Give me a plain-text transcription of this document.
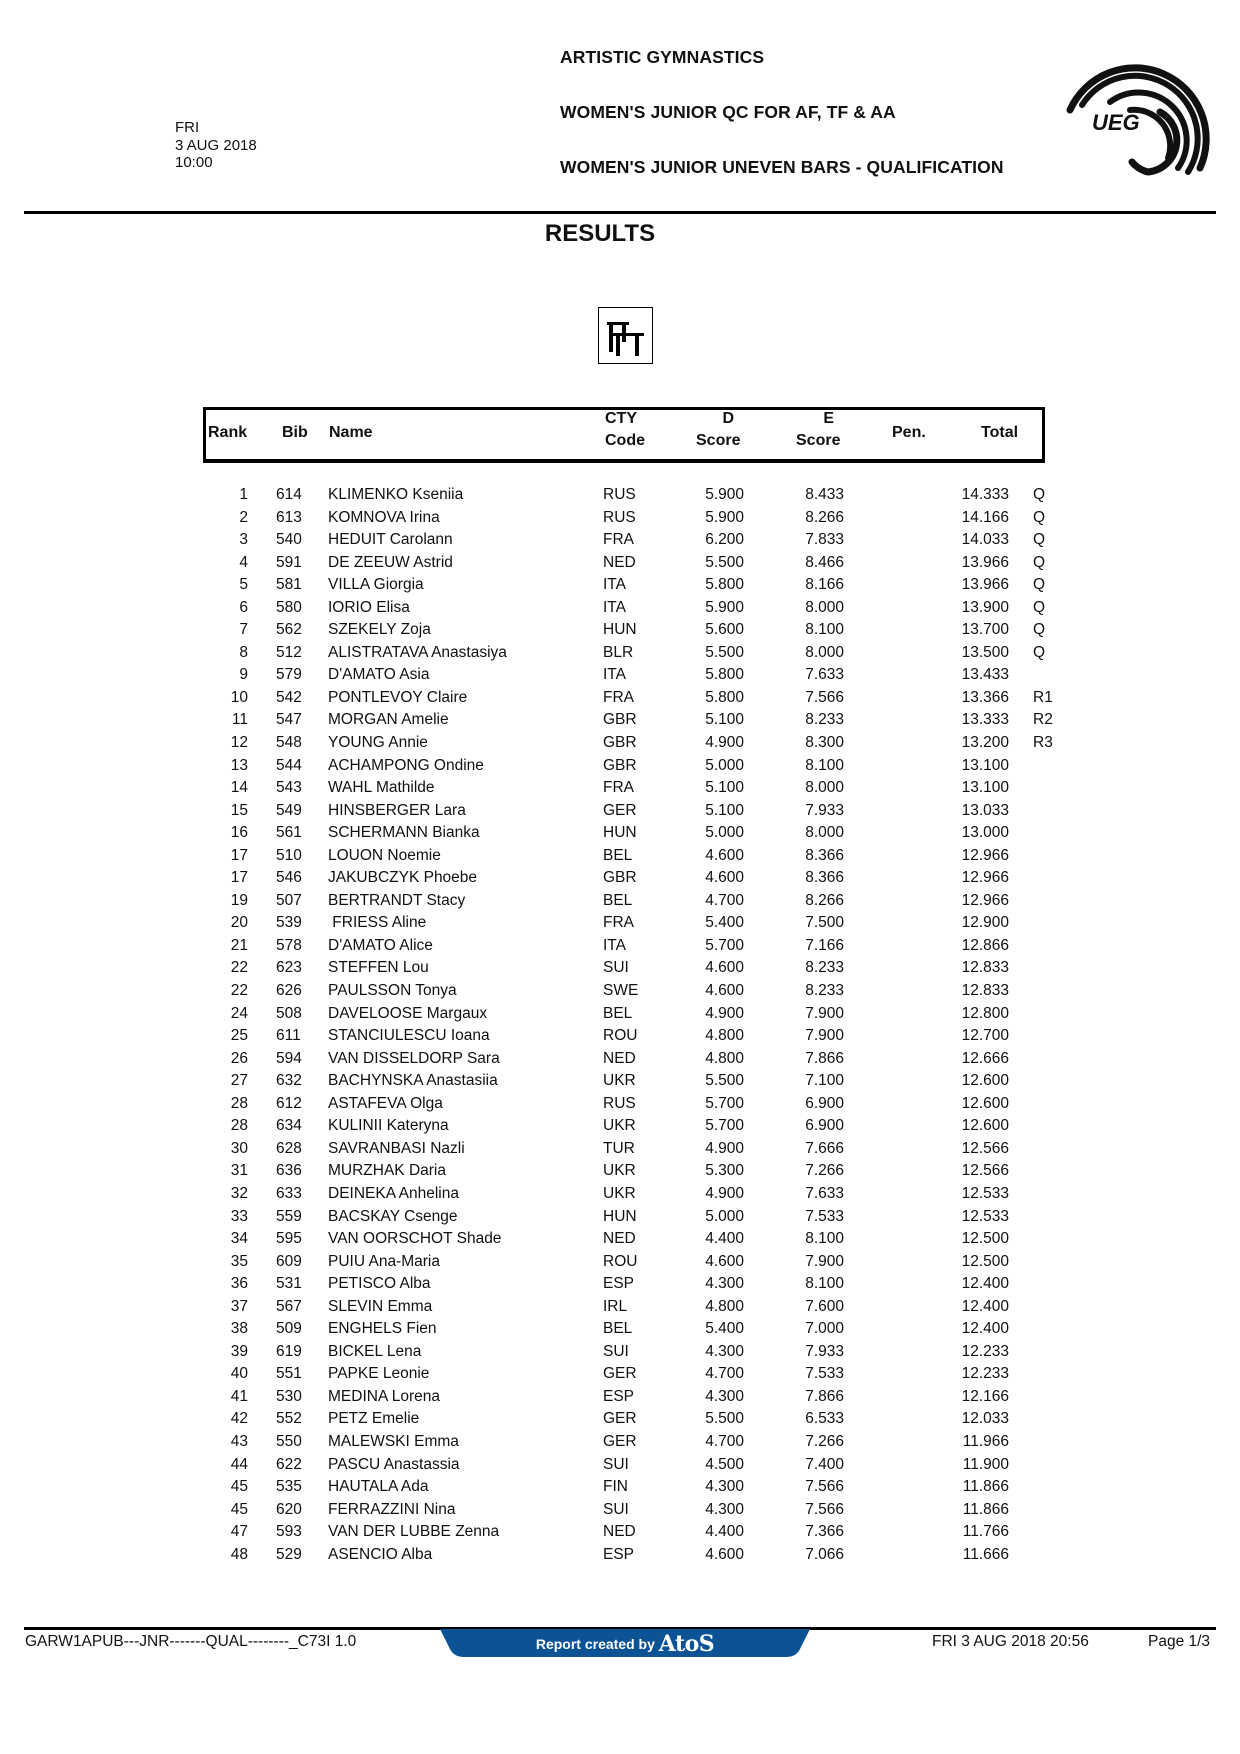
FRI
3 AUG 2018
10:00
ARTISTIC GYMNASTICS
WOMEN'S JUNIOR QC FOR AF, TF & AA
WOMEN'S JUNIOR UNEVEN BARS - QUALIFICATION
UEG
RESULTS
Rank Bib Name
CTY
Code
D
Score
E
Score	Pen.	Total
1 614 KLIMENKO Kseniia	RUS	5.900	8.433	14.333 Q
2 613 KOMNOVA Irina	RUS	5.900	8.266	14.166 Q
3 540 HEDUIT Carolann	FRA	6.200	7.833	14.033 Q
4 591 DE ZEEUW Astrid	NED	5.500	8.466	13.966 Q
5 581 VILLA Giorgia	ITA	5.800	8.166	13.966 Q
6 580 IORIO Elisa	ITA	5.900	8.000	13.900 Q
7 562 SZEKELY Zoja	HUN	5.600	8.100	13.700 Q
8 512 ALISTRATAVA Anastasiya	BLR	5.500	8.000	13.500 Q
9 579 D'AMATO Asia	ITA	5.800	7.633	13.433
10 542 PONTLEVOY Claire	FRA	5.800	7.566	13.366 R1
11 547 MORGAN Amelie	GBR	5.100	8.233	13.333 R2
12 548 YOUNG Annie	GBR	4.900	8.300	13.200 R3
13 544 ACHAMPONG Ondine	GBR	5.000	8.100	13.100
14 543 WAHL Mathilde	FRA	5.100	8.000	13.100
15 549 HINSBERGER Lara	GER	5.100	7.933	13.033
16 561 SCHERMANN Bianka	HUN	5.000	8.000	13.000
17 510 LOUON Noemie	BEL	4.600	8.366	12.966
17 546 JAKUBCZYK Phoebe	GBR	4.600	8.366	12.966
19 507 BERTRANDT Stacy	BEL	4.700	8.266	12.966
20 539 FRIESS Aline	FRA	5.400	7.500	12.900
21 578 D'AMATO Alice	ITA	5.700	7.166	12.866
22 623 STEFFEN Lou	SUI	4.600	8.233	12.833
22 626 PAULSSON Tonya	SWE	4.600	8.233	12.833
24 508 DAVELOOSE Margaux	BEL	4.900	7.900	12.800
25 611 STANCIULESCU Ioana	ROU	4.800	7.900	12.700
26 594 VAN DISSELDORP Sara	NED	4.800	7.866	12.666
27 632 BACHYNSKA Anastasiia	UKR	5.500	7.100	12.600
28 612 ASTAFEVA Olga	RUS	5.700	6.900	12.600
28 634 KULINII Kateryna	UKR	5.700	6.900	12.600
30 628 SAVRANBASI Nazli	TUR	4.900	7.666	12.566
31 636 MURZHAK Daria	UKR	5.300	7.266	12.566
32 633 DEINEKA Anhelina	UKR	4.900	7.633	12.533
33 559 BACSKAY Csenge	HUN	5.000	7.533	12.533
34 595 VAN OORSCHOT Shade	NED	4.400	8.100	12.500
35 609 PUIU Ana-Maria	ROU	4.600	7.900	12.500
36 531 PETISCO Alba	ESP	4.300	8.100	12.400
37 567 SLEVIN Emma	IRL	4.800	7.600	12.400
38 509 ENGHELS Fien	BEL	5.400	7.000	12.400
39 619 BICKEL Lena	SUI	4.300	7.933	12.233
40 551 PAPKE Leonie	GER	4.700	7.533	12.233
41 530 MEDINA Lorena	ESP	4.300	7.866	12.166
42 552 PETZ Emelie	GER	5.500	6.533	12.033
43 550 MALEWSKI Emma	GER	4.700	7.266	11.966
44 622 PASCU Anastassia	SUI	4.500	7.400	11.900
45 535 HAUTALA Ada	FIN	4.300	7.566	11.866
45 620 FERRAZZINI Nina	SUI	4.300	7.566	11.866
47 593 VAN DER LUBBE Zenna	NED	4.400	7.366	11.766
48 529 ASENCIO Alba	ESP	4.600	7.066	11.666
GARW1APUB---JNR-------QUAL--------_C73I 1.0	Report created by AtoS	FRI 3 AUG 2018 20:56	Page 1/3
